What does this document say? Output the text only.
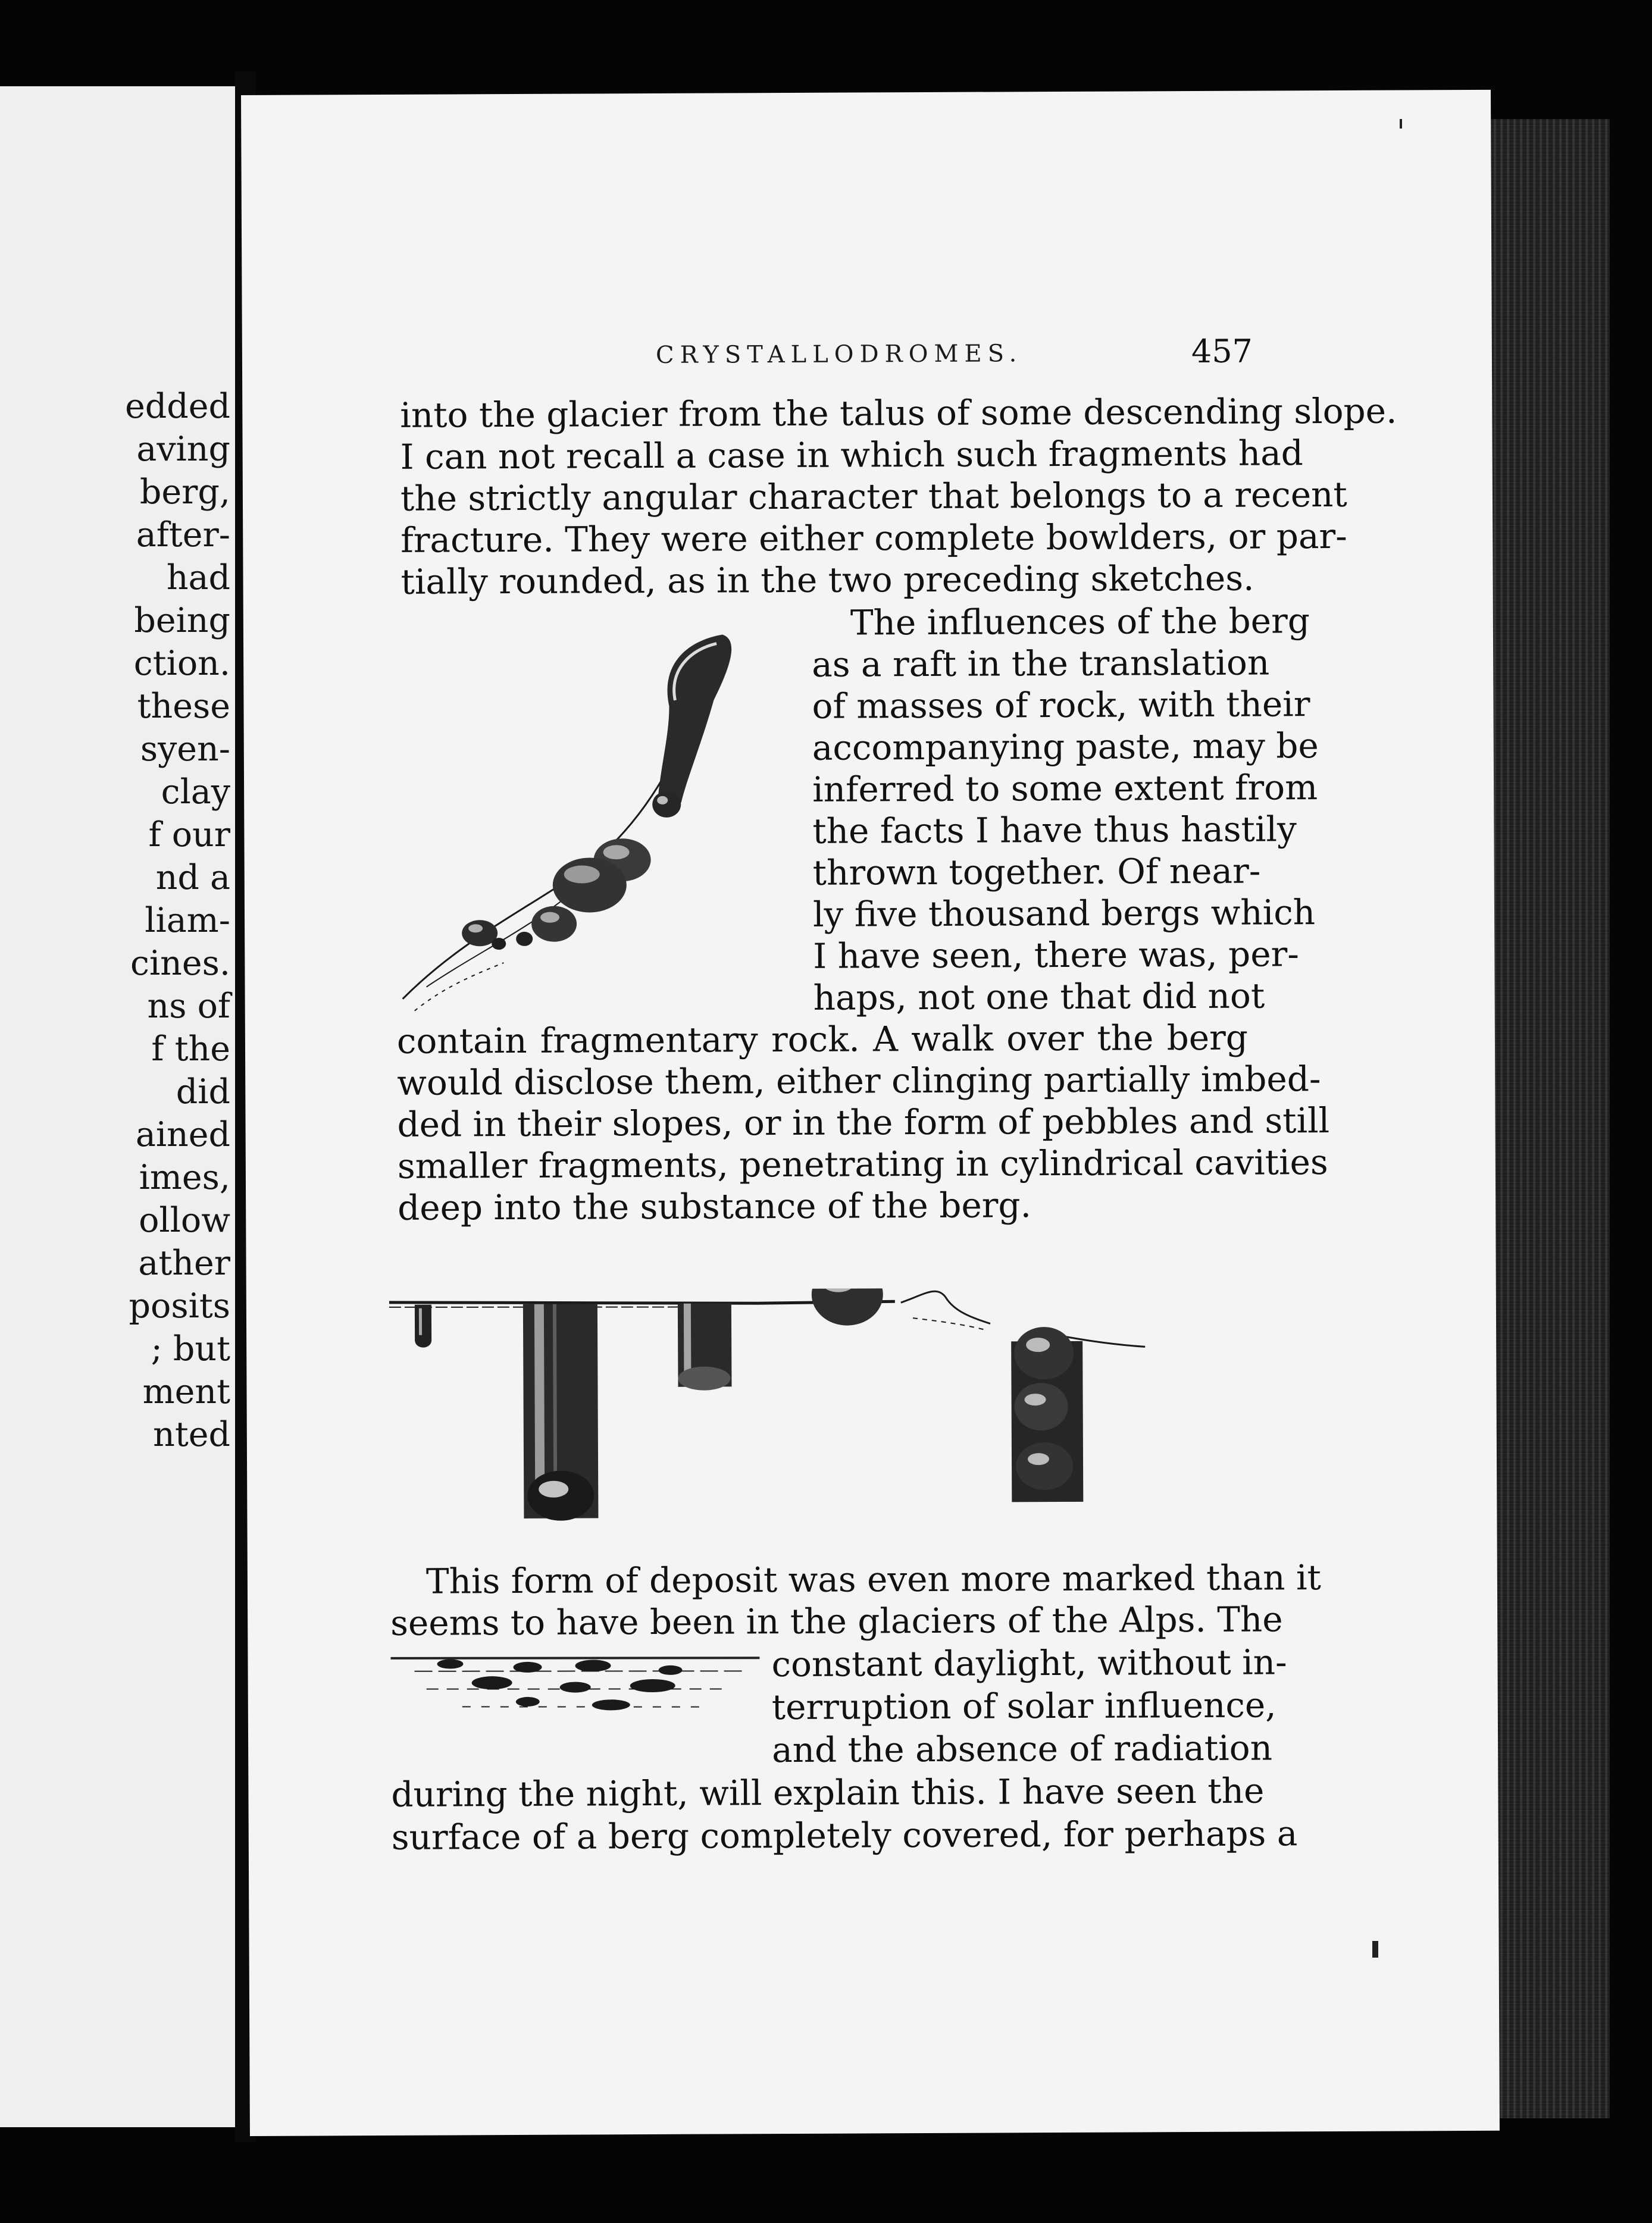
edded
aving
berg,
after-
had
being
ction.
these
syen-
clay
f our
nd a
liam-
cines.
ns of
f the
did
ained
imes,
ollow
ather
posits
; but
ment
nted
CRYSTALLODROMES.	457
into the glacier from the talus of some descending slope.
I can not recall a case in which such fragments had
the strictly angular character that belongs to a recent
fracture. They were either complete bowlders, or par-
tially rounded, as in the two preceding sketches.
The influences of the berg
as a raft in the translation
of masses of rock, with their
accompanying paste, may be
inferred to some extent from
the facts I have thus hastily
thrown together. Of near-
ly five thousand bergs which
I have seen, there was, per-
haps, not one that did not
contain fragmentary rock. A walk over the berg
would disclose them, either clinging partially imbed-
ded in their slopes, or in the form of pebbles and still
smaller fragments, penetrating in cylindrical cavities
deep into the substance of the berg.
This form of deposit was even more marked than it
seems to have been in the glaciers of the Alps. The
constant daylight, without in-
terruption of solar influence,
and the absence of radiation
during the night, will explain this. I have seen the
surface of a berg completely covered, for perhaps a
